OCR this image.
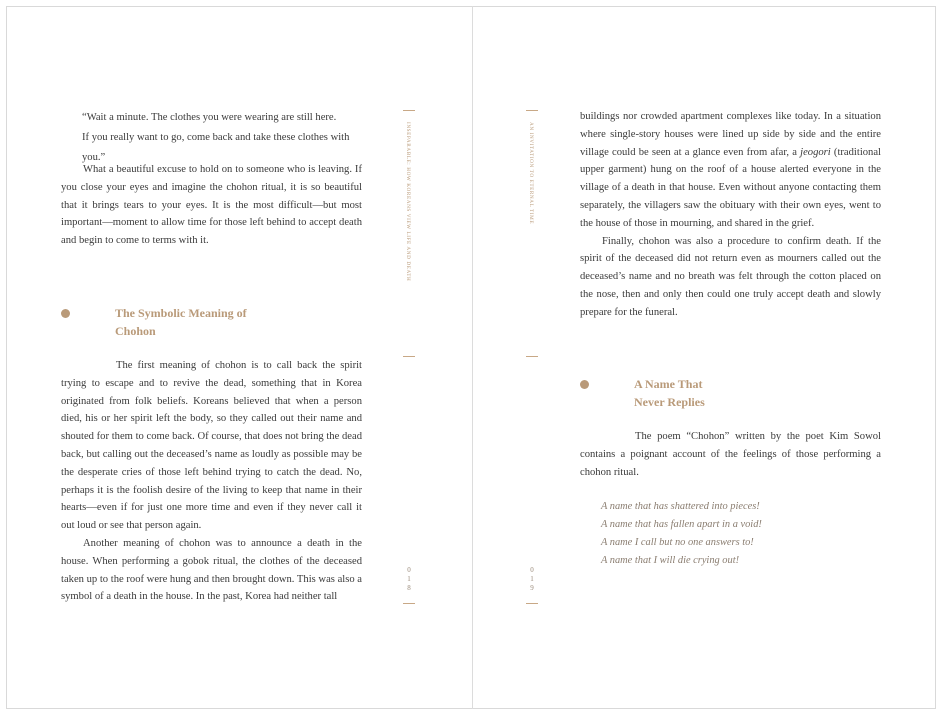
“Wait a minute. The clothes you were wearing are still here.
If you really want to go, come back and take these clothes with you.”

What a beautiful excuse to hold on to someone who is leaving. If you close your eyes and imagine the chohon ritual, it is so beautiful that it brings tears to your eyes. It is the most difficult—but most important—moment to allow time for those left behind to accept death and begin to come to terms with it.

The Symbolic Meaning of
Chohon

The first meaning of chohon is to call back the spirit trying to escape and to revive the dead, something that in Korea originated from folk beliefs. Koreans believed that when a person died, his or her spirit left the body, so they called out their name and shouted for them to come back. Of course, that does not bring the dead back, but calling out the deceased’s name as loudly as possible may be the desperate cries of those left behind trying to catch the dead. No, perhaps it is the foolish desire of the living to keep that name in their hearts—even if for just one more time and even if they never call it out loud or see that person again.

Another meaning of chohon was to announce a death in the house. When performing a gobok ritual, the clothes of the deceased taken up to the roof were hung and then brought down. This was also a symbol of a death in the house. In the past, Korea had neither tall

INSEPARABLE: HOW KOREANS VIEW LIFE AND DEATH
0
1
8
AN INVITATION TO ETERNAL TIME
0
1
9

buildings nor crowded apartment complexes like today. In a situation where single-story houses were lined up side by side and the entire village could be seen at a glance even from afar, a jeogori (traditional upper garment) hung on the roof of a house alerted everyone in the village of a death in that house. Even without anyone contacting them separately, the villagers saw the obituary with their own eyes, went to the house of those in mourning, and shared in the grief.

Finally, chohon was also a procedure to confirm death. If the spirit of the deceased did not return even as mourners called out the deceased’s name and no breath was felt through the cotton placed on the nose, then and only then could one truly accept death and slowly prepare for the funeral.

A Name That
Never Replies

The poem “Chohon” written by the poet Kim Sowol contains a poignant account of the feelings of those performing a chohon ritual.

A name that has shattered into pieces!
A name that has fallen apart in a void!
A name I call but no one answers to!
A name that I will die crying out!
